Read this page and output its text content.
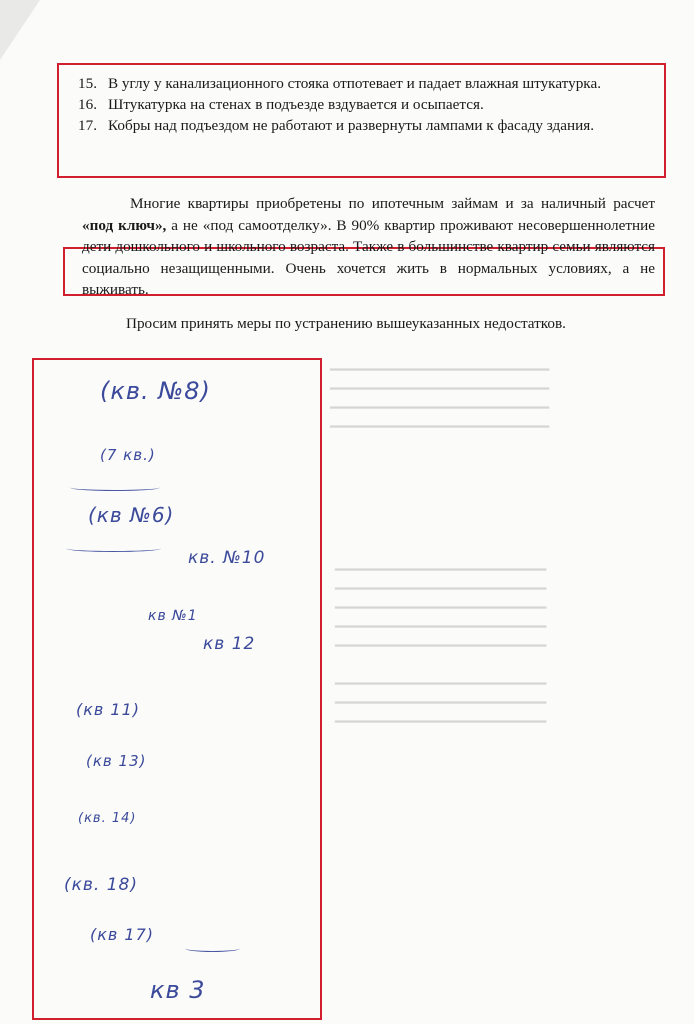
━━━━━━━━━━━━━━━━━━━━━━━━━━━━
━━━━━━━━━━━━━━━━━━━━━━━━━━━━
━━━━━━━━━━━━━━━━━━━━━━━━━━━━
━━━━━━━━━━━━━━━━━━━━━━━━━━━━
━━━━━━━━━━━━━━━━━━━━━━━━━━━
━━━━━━━━━━━━━━━━━━━━━━━━━━━
━━━━━━━━━━━━━━━━━━━━━━━━━━━
━━━━━━━━━━━━━━━━━━━━━━━━━━━
━━━━━━━━━━━━━━━━━━━━━━━━━━━

━━━━━━━━━━━━━━━━━━━━━━━━━━━
━━━━━━━━━━━━━━━━━━━━━━━━━━━
━━━━━━━━━━━━━━━━━━━━━━━━━━━
15. В углу у канализационного стояка отпотевает и падает влажная штукатурка.
16. Штукатурка на стенах в подъезде вздувается и осыпается.
17. Кобры над подъездом не работают и развернуты лампами к фасаду здания.
Многие квартиры приобретены по ипотечным займам и за наличный расчет «под ключ», а не «под самоотделку». В 90% квартир проживают несовершеннолетние дети дошкольного и школьного возраста. Также в большинстве квартир семьи являются социально незащищенными. Очень хочется жить в нормальных условиях, а не выживать.
Просим принять меры по устранению вышеуказанных недостатков.
(кв. №8)
(7 кв.)
(кв №6)
кв. №10
кв №1
кв 12
(кв 11)
(кв 13)
(кв. 14)
(кв. 18)
(кв 17)
кв 3
